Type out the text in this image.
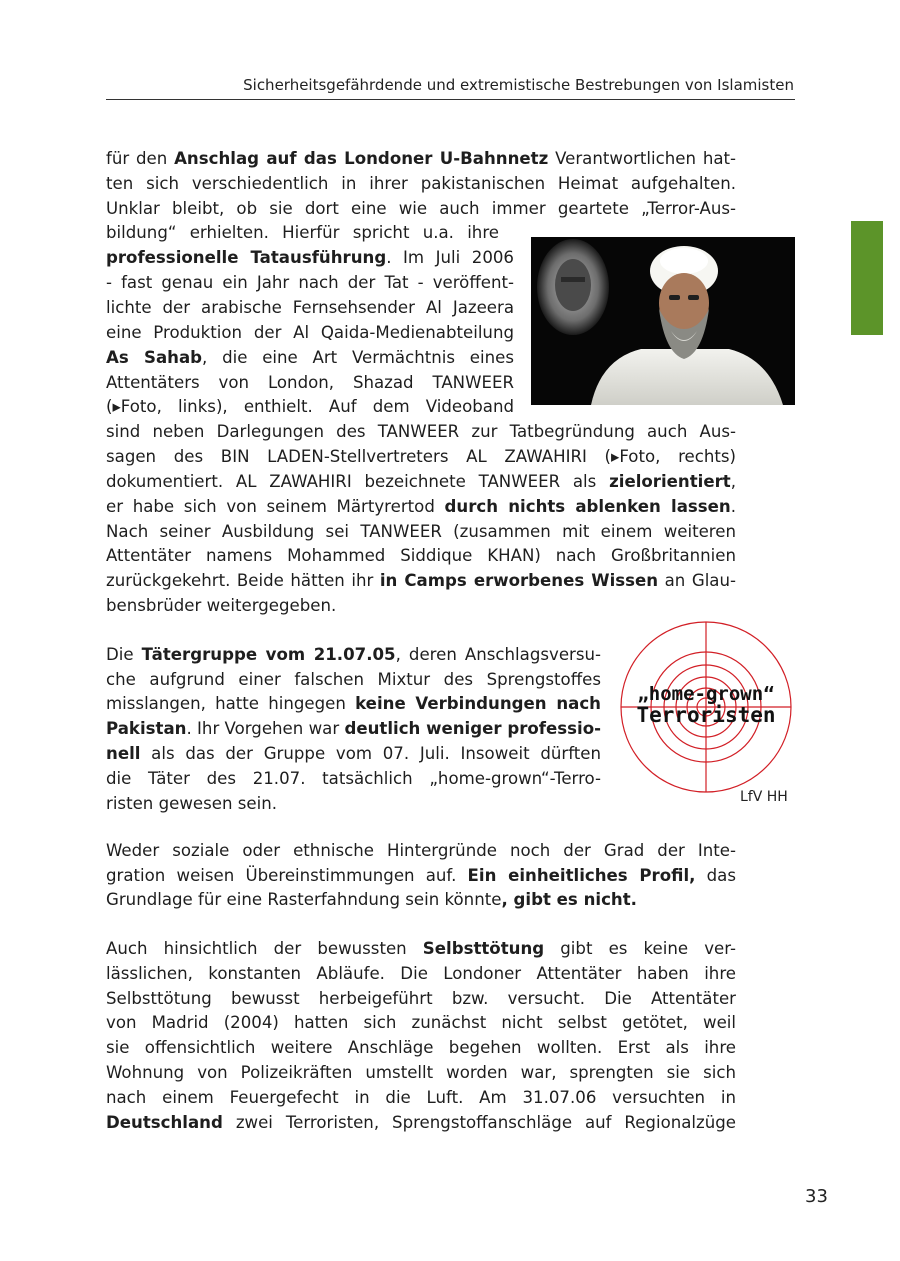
Sicherheitsgefährdende und extremistische Bestrebungen von Islamisten
für den Anschlag auf das Londoner U-Bahnnetz Verantwortlichen hat-
ten sich verschiedentlich in ihrer pakistanischen Heimat aufgehalten.
Unklar bleibt, ob sie dort eine wie auch immer geartete „Terror-Aus-
bildung“ erhielten. Hierfür spricht u.a. ihre
professionelle Tatausführung. Im Juli 2006
- fast genau ein Jahr nach der Tat - veröffent-
lichte der arabische Fernsehsender Al Jazeera
eine Produktion der Al Qaida-Medienabteilung
As Sahab, die eine Art Vermächtnis eines
Attentäters von London, Shazad TANWEER
(▸Foto, links), enthielt. Auf dem Videoband
sind neben Darlegungen des TANWEER zur Tatbegründung auch Aus-
sagen des BIN LADEN-Stellvertreters AL ZAWAHIRI (▸Foto, rechts)
dokumentiert. AL ZAWAHIRI bezeichnete TANWEER als zielorientiert,
er habe sich von seinem Märtyrertod durch nichts ablenken lassen.
Nach seiner Ausbildung sei TANWEER (zusammen mit einem weiteren
Attentäter namens Mohammed Siddique KHAN) nach Großbritannien
zurückgekehrt. Beide hätten ihr in Camps erworbenes Wissen an Glau-
bensbrüder weitergegeben.
Die Tätergruppe vom 21.07.05, deren Anschlagsversu-
che aufgrund einer falschen Mixtur des Sprengstoffes
misslangen, hatte hingegen keine Verbindungen nach
Pakistan. Ihr Vorgehen war deutlich weniger professio-
nell als das der Gruppe vom 07. Juli. Insoweit dürften
die Täter des 21.07. tatsächlich „home-grown“-Terro-
risten gewesen sein.
„home-grown“
Terroristen
LfV HH
Weder soziale oder ethnische Hintergründe noch der Grad der Inte-
gration weisen Übereinstimmungen auf. Ein einheitliches Profil, das
Grundlage für eine Rasterfahndung sein könnte, gibt es nicht.
Auch hinsichtlich der bewussten Selbsttötung gibt es keine ver-
lässlichen, konstanten Abläufe. Die Londoner Attentäter haben ihre
Selbsttötung bewusst herbeigeführt bzw. versucht. Die Attentäter
von Madrid (2004) hatten sich zunächst nicht selbst getötet, weil
sie offensichtlich weitere Anschläge begehen wollten. Erst als ihre
Wohnung von Polizeikräften umstellt worden war, sprengten sie sich
nach einem Feuergefecht in die Luft. Am 31.07.06 versuchten in
Deutschland zwei Terroristen, Sprengstoffanschläge auf Regionalzüge
33
